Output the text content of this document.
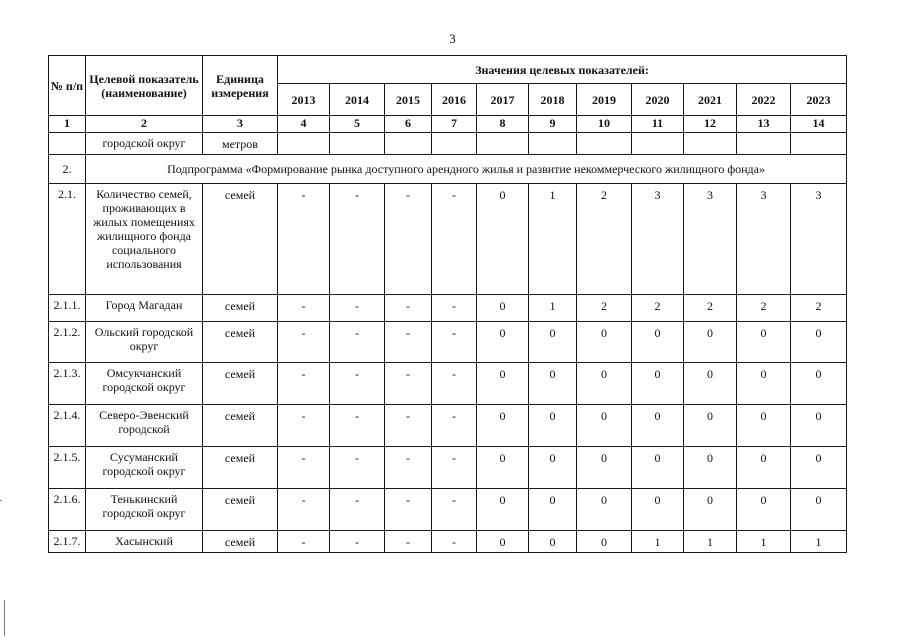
3
№ п/п	Целевой показатель (наименование)	Единица измерения	Значения целевых показателей:										
			2013	2014	2015	2016	2017	2018	2019	2020	2021	2022	2023
1	2	3	4	5	6	7	8	9	10	11	12	13	14
	городской округ	метров											
2.	Подпрограмма «Формирование рынка доступного арендного жилья и развитие некоммерческого жилищного фонда»												
2.1.	Количество семей, проживающих в жилых помещениях жилищного фонда социального использования	семей	-	-	-	-	0	1	2	3	3	3	3
2.1.1.	Город Магадан	семей	-	-	-	-	0	1	2	2	2	2	2
2.1.2.	Ольский городской округ	семей	-	-	-	-	0	0	0	0	0	0	0
2.1.3.	Омсукчанский городской округ	семей	-	-	-	-	0	0	0	0	0	0	0
2.1.4.	Северо-Эвенский городской	семей	-	-	-	-	0	0	0	0	0	0	0
2.1.5.	Сусуманский городской округ	семей	-	-	-	-	0	0	0	0	0	0	0
2.1.6.	Тенькинский городской округ	семей	-	-	-	-	0	0	0	0	0	0	0
2.1.7.	Хасынский	семей	-	-	-	-	0	0	0	1	1	1	1
